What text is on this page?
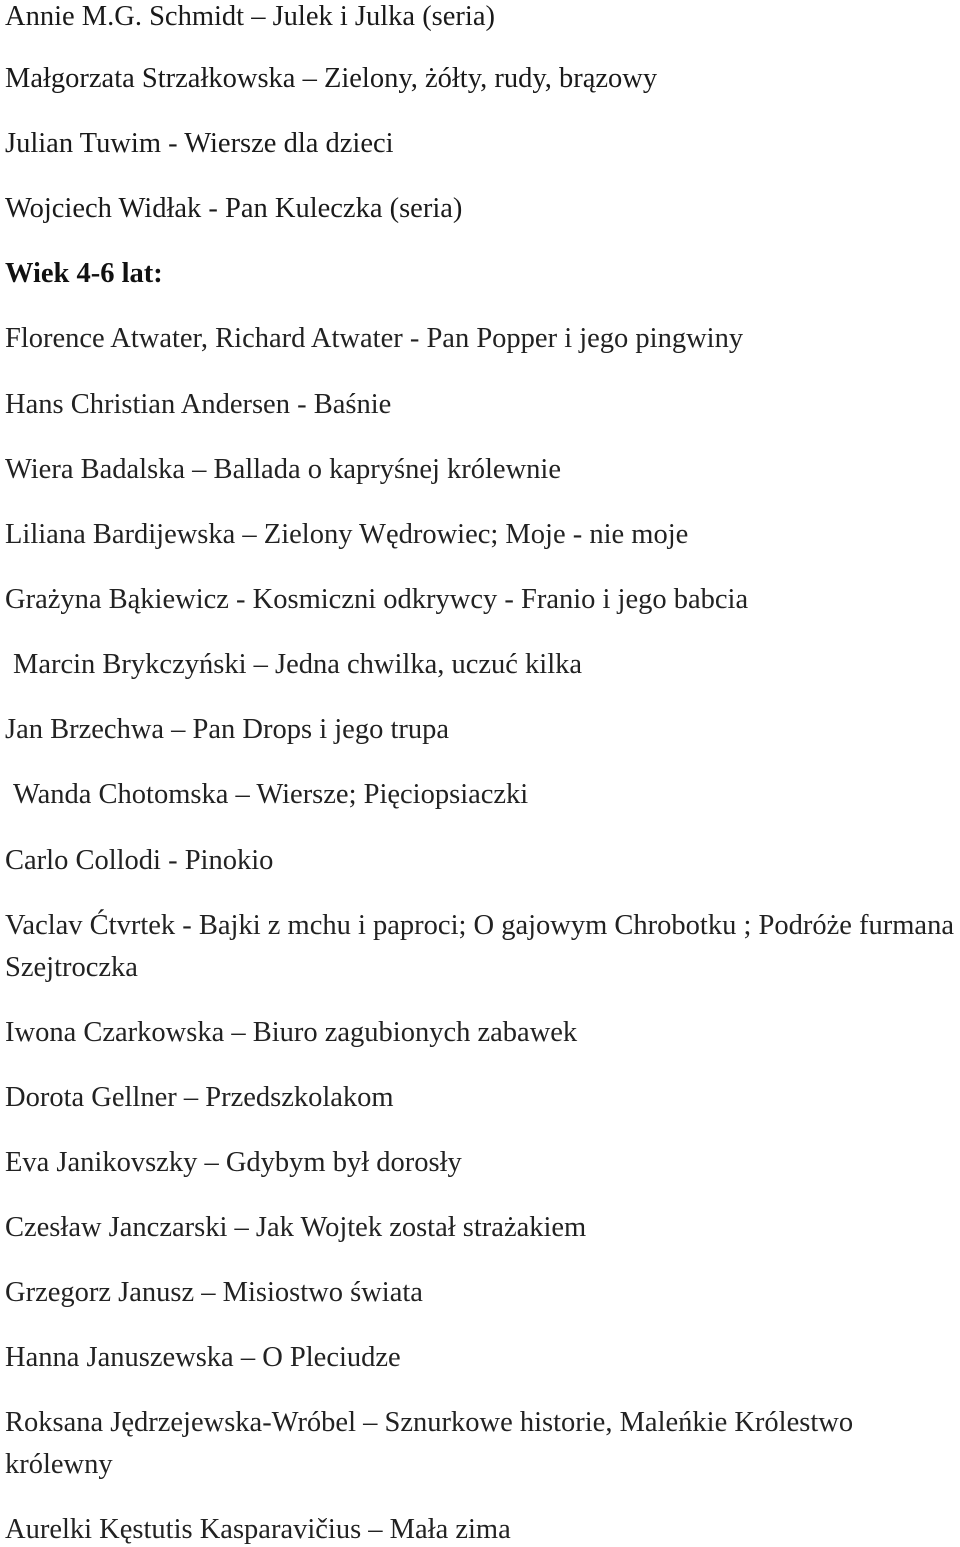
Annie M.G. Schmidt – Julek i Julka (seria)
Małgorzata Strzałkowska – Zielony, żółty, rudy, brązowy
Julian Tuwim - Wiersze dla dzieci
Wojciech Widłak - Pan Kuleczka (seria)
Wiek 4-6 lat:
Florence Atwater, Richard Atwater - Pan Popper i jego pingwiny
Hans Christian Andersen - Baśnie
Wiera Badalska – Ballada o kapryśnej królewnie
Liliana Bardijewska – Zielony Wędrowiec; Moje - nie moje
Grażyna Bąkiewicz - Kosmiczni odkrywcy - Franio i jego babcia
Marcin Brykczyński – Jedna chwilka, uczuć kilka
Jan Brzechwa – Pan Drops i jego trupa
Wanda Chotomska – Wiersze; Pięciopsiaczki
Carlo Collodi - Pinokio
Vaclav Ćtvrtek - Bajki z mchu i paproci; O gajowym Chrobotku ; Podróże furmana Szejtroczka
Iwona Czarkowska – Biuro zagubionych zabawek
Dorota Gellner – Przedszkolakom
Eva Janikovszky – Gdybym był dorosły
Czesław Janczarski – Jak Wojtek został strażakiem
Grzegorz Janusz – Misiostwo świata
Hanna Januszewska – O Pleciudze
Roksana Jędrzejewska-Wróbel – Sznurkowe historie, Maleńkie Królestwo królewny
Aurelki Kęstutis Kasparavičius – Mała zima
